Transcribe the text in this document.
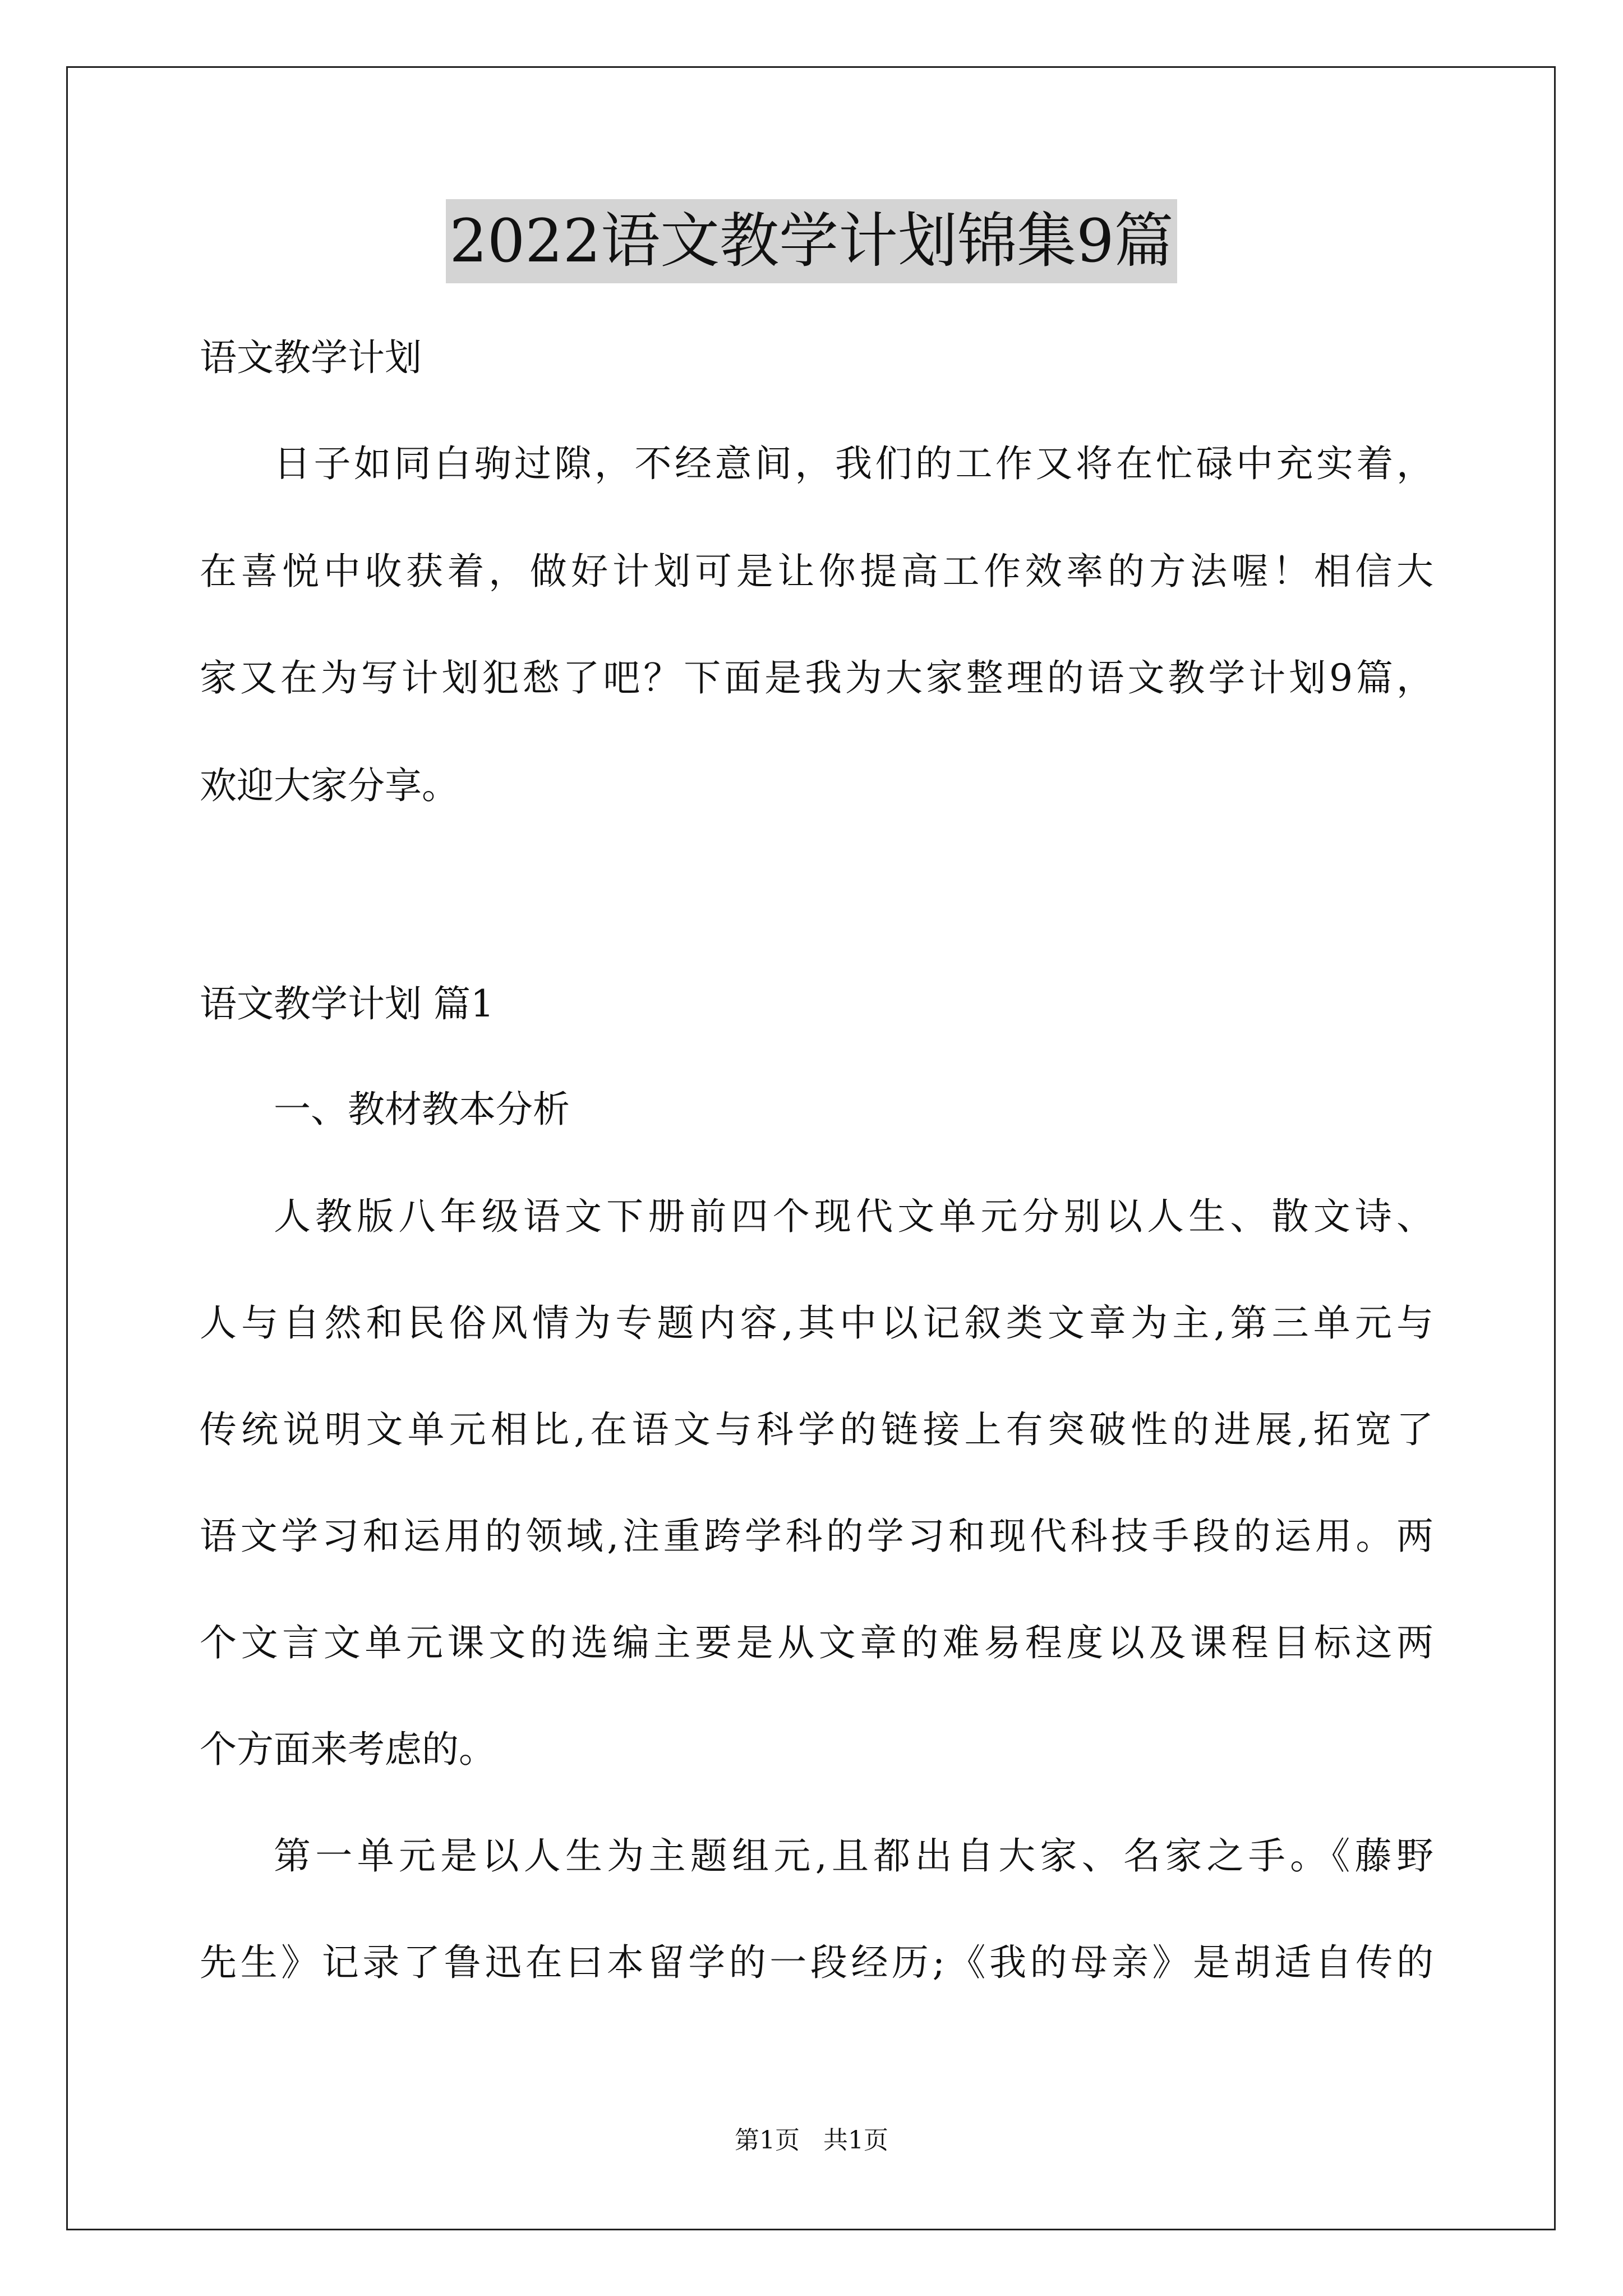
2022语文教学计划锦集9篇
语文教学计划
日子如同白驹过隙，不经意间，我们的工作又将在忙碌中充实着，
在喜悦中收获着，做好计划可是让你提高工作效率的方法喔！相信大
家又在为写计划犯愁了吧？下面是我为大家整理的语文教学计划9篇，
欢迎大家分享。
语文教学计划 篇1
一、教材教本分析
人教版八年级语文下册前四个现代文单元分别以人生、散文诗、
人与自然和民俗风情为专题内容,其中以记叙类文章为主,第三单元与
传统说明文单元相比,在语文与科学的链接上有突破性的进展,拓宽了
语文学习和运用的领域,注重跨学科的学习和现代科技手段的运用。两
个文言文单元课文的选编主要是从文章的难易程度以及课程目标这两
个方面来考虑的。
第一单元是以人生为主题组元,且都出自大家、名家之手。《藤野
先生》记录了鲁迅在曰本留学的一段经历;《我的母亲》是胡适自传的
第1页   共1页
